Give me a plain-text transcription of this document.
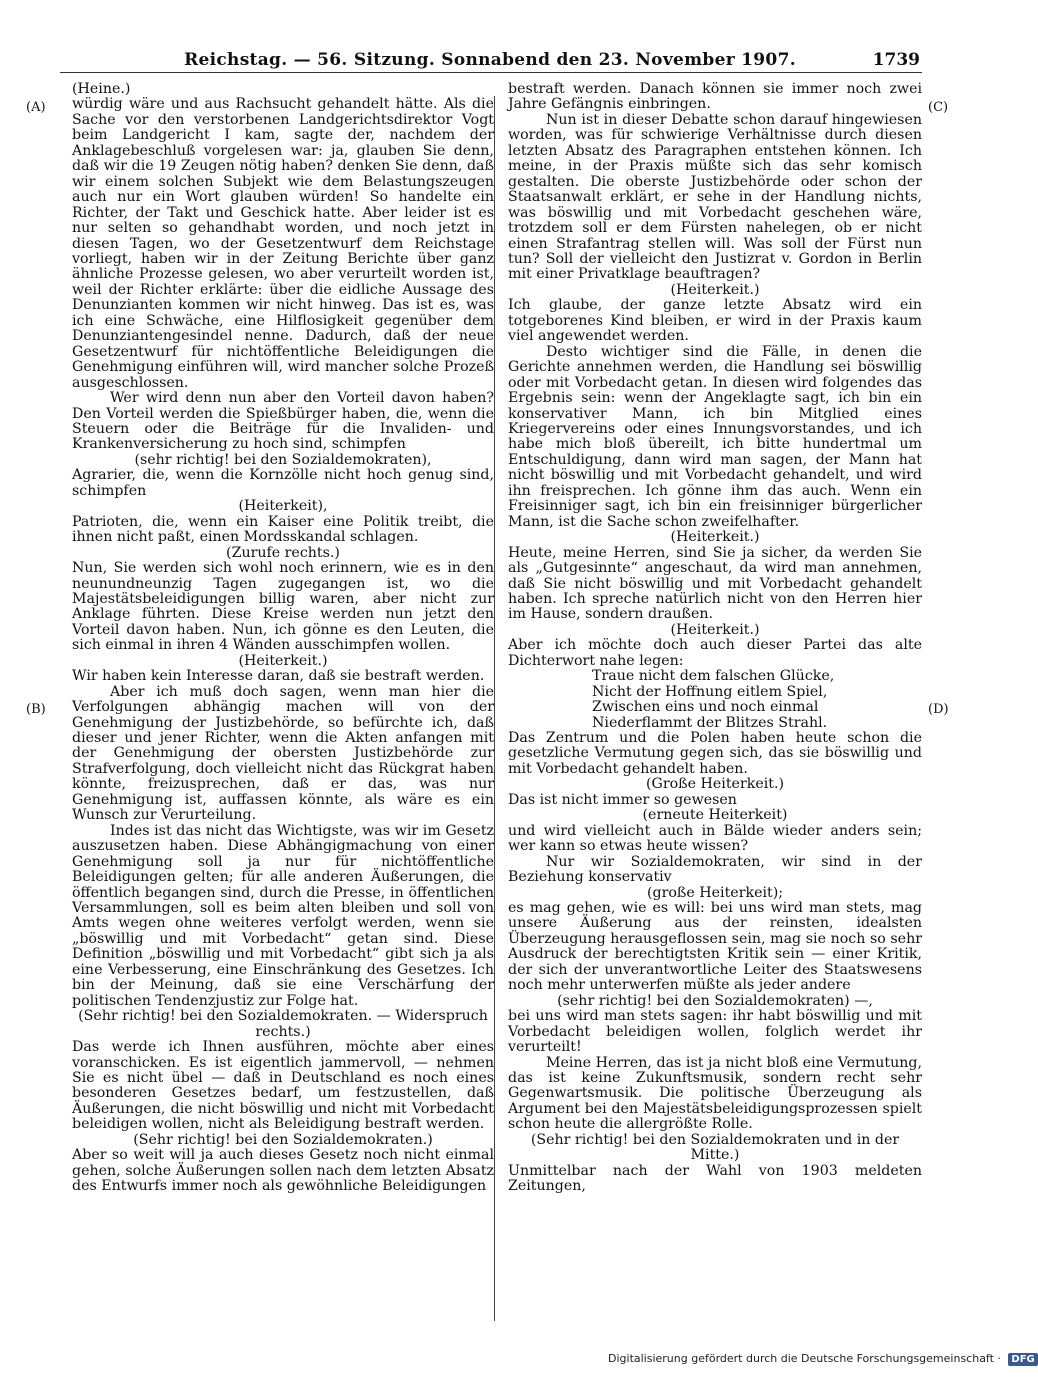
Reichstag. — 56. Sitzung. Sonnabend den 23. November 1907.	1739
(A)
(B)
(C)
(D)

(Heine.)

würdig wäre und aus Rachsucht gehandelt hätte. Als die Sache vor den verstorbenen Landgerichtsdirektor Vogt beim Landgericht I kam, sagte der, nachdem der Anklagebeschluß vorgelesen war: ja, glauben Sie denn, daß wir die 19 Zeugen nötig haben? denken Sie denn, daß wir einem solchen Subjekt wie dem Belastungszeugen auch nur ein Wort glauben würden! So handelte ein Richter, der Takt und Geschick hatte. Aber leider ist es nur selten so gehandhabt worden, und noch jetzt in diesen Tagen, wo der Gesetzentwurf dem Reichstage vorliegt, haben wir in der Zeitung Berichte über ganz ähnliche Prozesse gelesen, wo aber verurteilt worden ist, weil der Richter erklärte: über die eidliche Aussage des Denunzianten kommen wir nicht hinweg. Das ist es, was ich eine Schwäche, eine Hilflosigkeit gegenüber dem Denunziantengesindel nenne. Dadurch, daß der neue Gesetzentwurf für nichtöffentliche Beleidigungen die Genehmigung einführen will, wird mancher solche Prozeß ausgeschlossen.

Wer wird denn nun aber den Vorteil davon haben? Den Vorteil werden die Spießbürger haben, die, wenn die Steuern oder die Beiträge für die Invaliden- und Krankenversicherung zu hoch sind, schimpfen

(sehr richtig! bei den Sozialdemokraten),

Agrarier, die, wenn die Kornzölle nicht hoch genug sind, schimpfen

(Heiterkeit),

Patrioten, die, wenn ein Kaiser eine Politik treibt, die ihnen nicht paßt, einen Mordsskandal schlagen.

(Zurufe rechts.)

Nun, Sie werden sich wohl noch erinnern, wie es in den neunundneunzig Tagen zugegangen ist, wo die Majestätsbeleidigungen billig waren, aber nicht zur Anklage führten. Diese Kreise werden nun jetzt den Vorteil davon haben. Nun, ich gönne es den Leuten, die sich einmal in ihren 4 Wänden ausschimpfen wollen.

(Heiterkeit.)

Wir haben kein Interesse daran, daß sie bestraft werden.

Aber ich muß doch sagen, wenn man hier die Verfolgungen abhängig machen will von der Genehmigung der Justizbehörde, so befürchte ich, daß dieser und jener Richter, wenn die Akten anfangen mit der Genehmigung der obersten Justizbehörde zur Strafverfolgung, doch vielleicht nicht das Rückgrat haben könnte, freizusprechen, daß er das, was nur Genehmigung ist, auffassen könnte, als wäre es ein Wunsch zur Verurteilung.

Indes ist das nicht das Wichtigste, was wir im Gesetz auszusetzen haben. Diese Abhängigmachung von einer Genehmigung soll ja nur für nichtöffentliche Beleidigungen gelten; für alle anderen Äußerungen, die öffentlich begangen sind, durch die Presse, in öffentlichen Versammlungen, soll es beim alten bleiben und soll von Amts wegen ohne weiteres verfolgt werden, wenn sie „böswillig und mit Vorbedacht“ getan sind. Diese Definition „böswillig und mit Vorbedacht“ gibt sich ja als eine Verbesserung, eine Einschränkung des Gesetzes. Ich bin der Meinung, daß sie eine Verschärfung der politischen Tendenzjustiz zur Folge hat.

(Sehr richtig! bei den Sozialdemokraten. — Widerspruch rechts.)

Das werde ich Ihnen ausführen, möchte aber eines voranschicken. Es ist eigentlich jammervoll, — nehmen Sie es nicht übel — daß in Deutschland es noch eines besonderen Gesetzes bedarf, um festzustellen, daß Äußerungen, die nicht böswillig und nicht mit Vorbedacht beleidigen wollen, nicht als Beleidigung bestraft werden.

(Sehr richtig! bei den Sozialdemokraten.)

Aber so weit will ja auch dieses Gesetz noch nicht einmal gehen, solche Äußerungen sollen nach dem letzten Absatz des Entwurfs immer noch als gewöhnliche Beleidigungen

bestraft werden. Danach können sie immer noch zwei Jahre Gefängnis einbringen.

Nun ist in dieser Debatte schon darauf hingewiesen worden, was für schwierige Verhältnisse durch diesen letzten Absatz des Paragraphen entstehen können. Ich meine, in der Praxis müßte sich das sehr komisch gestalten. Die oberste Justizbehörde oder schon der Staatsanwalt erklärt, er sehe in der Handlung nichts, was böswillig und mit Vorbedacht geschehen wäre, trotzdem soll er dem Fürsten nahelegen, ob er nicht einen Strafantrag stellen will. Was soll der Fürst nun tun? Soll der vielleicht den Justizrat v. Gordon in Berlin mit einer Privatklage beauftragen?

(Heiterkeit.)

Ich glaube, der ganze letzte Absatz wird ein totgeborenes Kind bleiben, er wird in der Praxis kaum viel angewendet werden.

Desto wichtiger sind die Fälle, in denen die Gerichte annehmen werden, die Handlung sei böswillig oder mit Vorbedacht getan. In diesen wird folgendes das Ergebnis sein: wenn der Angeklagte sagt, ich bin ein konservativer Mann, ich bin Mitglied eines Kriegervereins oder eines Innungsvorstandes, und ich habe mich bloß übereilt, ich bitte hundertmal um Entschuldigung, dann wird man sagen, der Mann hat nicht böswillig und mit Vorbedacht gehandelt, und wird ihn freisprechen. Ich gönne ihm das auch. Wenn ein Freisinniger sagt, ich bin ein freisinniger bürgerlicher Mann, ist die Sache schon zweifelhafter.

(Heiterkeit.)

Heute, meine Herren, sind Sie ja sicher, da werden Sie als „Gutgesinnte“ angeschaut, da wird man annehmen, daß Sie nicht böswillig und mit Vorbedacht gehandelt haben. Ich spreche natürlich nicht von den Herren hier im Hause, sondern draußen.

(Heiterkeit.)

Aber ich möchte doch auch dieser Partei das alte Dichterwort nahe legen:

Traue nicht dem falschen Glücke,

Nicht der Hoffnung eitlem Spiel,

Zwischen eins und noch einmal

Niederflammt der Blitzes Strahl.

Das Zentrum und die Polen haben heute schon die gesetzliche Vermutung gegen sich, das sie böswillig und mit Vorbedacht gehandelt haben.

(Große Heiterkeit.)

Das ist nicht immer so gewesen

(erneute Heiterkeit)

und wird vielleicht auch in Bälde wieder anders sein; wer kann so etwas heute wissen?

Nur wir Sozialdemokraten, wir sind in der Beziehung konservativ

(große Heiterkeit);

es mag gehen, wie es will: bei uns wird man stets, mag unsere Äußerung aus der reinsten, idealsten Überzeugung herausgeflossen sein, mag sie noch so sehr Ausdruck der berechtigtsten Kritik sein — einer Kritik, der sich der unverantwortliche Leiter des Staatswesens noch mehr unterwerfen müßte als jeder andere

(sehr richtig! bei den Sozialdemokraten) —,

bei uns wird man stets sagen: ihr habt böswillig und mit Vorbedacht beleidigen wollen, folglich werdet ihr verurteilt!

Meine Herren, das ist ja nicht bloß eine Vermutung, das ist keine Zukunftsmusik, sondern recht sehr Gegenwartsmusik. Die politische Überzeugung als Argument bei den Majestätsbeleidigungsprozessen spielt schon heute die allergrößte Rolle.

(Sehr richtig! bei den Sozialdemokraten und in der Mitte.)

Unmittelbar nach der Wahl von 1903 meldeten Zeitungen,

Digitalisierung gefördert durch die Deutsche Forschungsgemeinschaft · DFG
